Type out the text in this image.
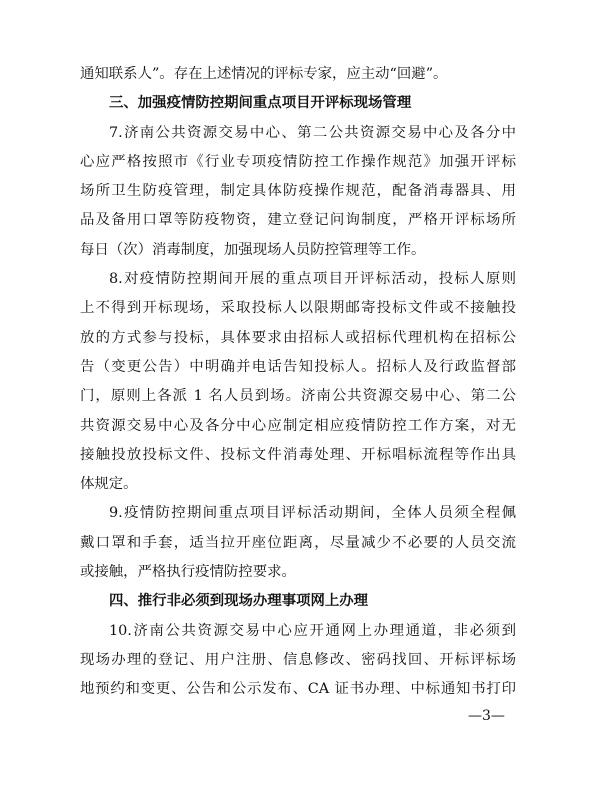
通知联系人”。存在上述情况的评标专家，应主动“回避”。
三、加强疫情防控期间重点项目开评标现场管理
7.济南公共资源交易中心、第二公共资源交易中心及各分中
心应严格按照市《行业专项疫情防控工作操作规范》加强开评标
场所卫生防疫管理，制定具体防疫操作规范，配备消毒器具、用
品及备用口罩等防疫物资，建立登记问询制度，严格开评标场所
每日（次）消毒制度，加强现场人员防控管理等工作。
8.对疫情防控期间开展的重点项目开评标活动，投标人原则
上不得到开标现场，采取投标人以限期邮寄投标文件或不接触投
放的方式参与投标，具体要求由招标人或招标代理机构在招标公
告（变更公告）中明确并电话告知投标人。招标人及行政监督部
门，原则上各派 1 名人员到场。济南公共资源交易中心、第二公
共资源交易中心及各分中心应制定相应疫情防控工作方案，对无
接触投放投标文件、投标文件消毒处理、开标唱标流程等作出具
体规定。
9.疫情防控期间重点项目评标活动期间，全体人员须全程佩
戴口罩和手套，适当拉开座位距离，尽量减少不必要的人员交流
或接触，严格执行疫情防控要求。
四、推行非必须到现场办理事项网上办理
10.济南公共资源交易中心应开通网上办理通道，非必须到
现场办理的登记、用户注册、信息修改、密码找回、开标评标场
地预约和变更、公告和公示发布、CA 证书办理、中标通知书打印
—3—
